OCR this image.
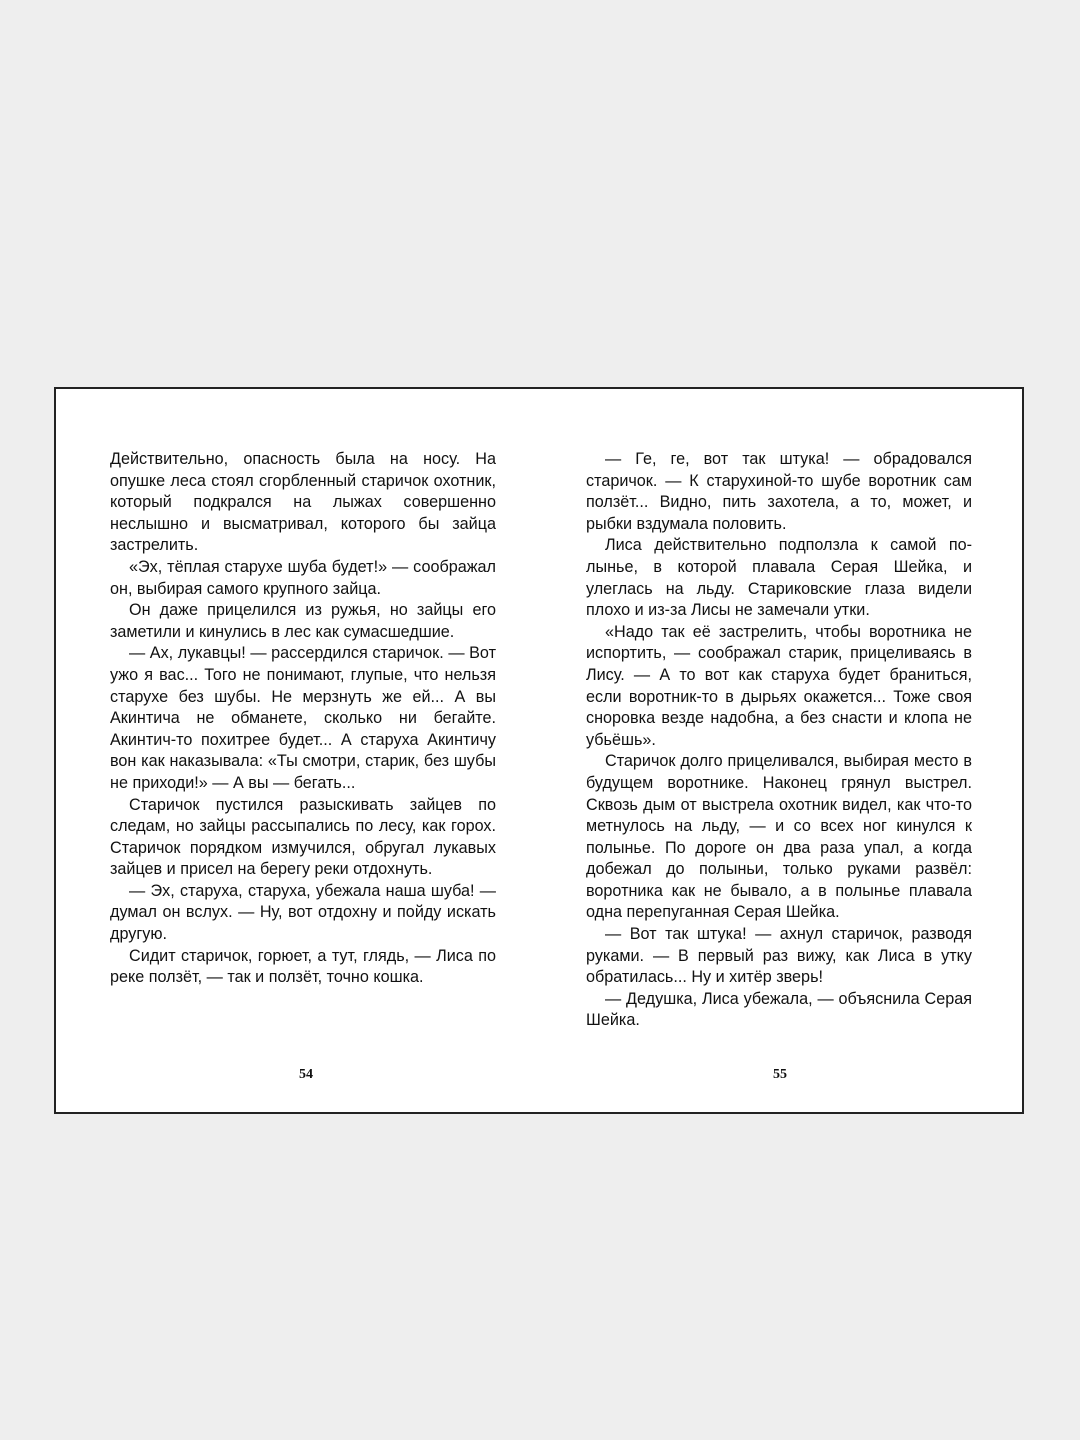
Действительно, опасность была на носу. На опушке леса стоял сгорбленный старичок охотник, который подкрался на лыжах совершенно неслышно и высматривал, которого бы зайца застрелить.

«Эх, тёплая старухе шуба будет!» — соображал он, выбирая самого крупного зайца.

Он даже прицелился из ружья, но зайцы его заметили и кинулись в лес как сумасшедшие.

— Ах, лукавцы! — рассердился старичок. — Вот ужо я вас... Того не понимают, глупые, что нельзя старухе без шубы. Не мерзнуть же ей... А вы Акинтича не обманете, сколько ни бегайте. Акинтич-то похитрее будет... А старуха Акинтичу вон как наказывала: «Ты смотри, старик, без шубы не приходи!» — А вы — бегать...

Старичок пустился разыскивать зайцев по следам, но зайцы рассыпались по лесу, как горох. Старичок порядком измучился, обругал лукавых зайцев и присел на берегу реки отдохнуть.

— Эх, старуха, старуха, убежала наша шуба! — думал он вслух. — Ну, вот отдохну и пойду искать другую.

Сидит старичок, горюет, а тут, глядь, — Лиса по реке ползёт, — так и ползёт, точно кошка.

54

— Ге, ге, вот так штука! — обрадовался старичок. — К старухиной-то шубе воротник сам ползёт... Видно, пить захотела, а то, может, и рыбки вздумала половить.

Лиса действительно подползла к самой полынье, в которой плавала Серая Шейка, и улеглась на льду. Стариковские глаза видели плохо и из-за Лисы не замечали утки.

«Надо так её застрелить, чтобы воротника не испортить, — соображал старик, прицеливаясь в Лису. — А то вот как старуха будет браниться, если воротник-то в дырьях окажется... Тоже своя сноровка везде надобна, а без снасти и клопа не убьёшь».

Старичок долго прицеливался, выбирая место в будущем воротнике. Наконец грянул выстрел. Сквозь дым от выстрела охотник видел, как что-то метнулось на льду, — и со всех ног кинулся к полынье. По дороге он два раза упал, а когда добежал до полыньи, только руками развёл: воротника как не бывало, а в полынье плавала одна перепуганная Серая Шейка.

— Вот так штука! — ахнул старичок, разводя руками. — В первый раз вижу, как Лиса в утку обратилась... Ну и хитёр зверь!

— Дедушка, Лиса убежала, — объяснила Серая Шейка.

55
